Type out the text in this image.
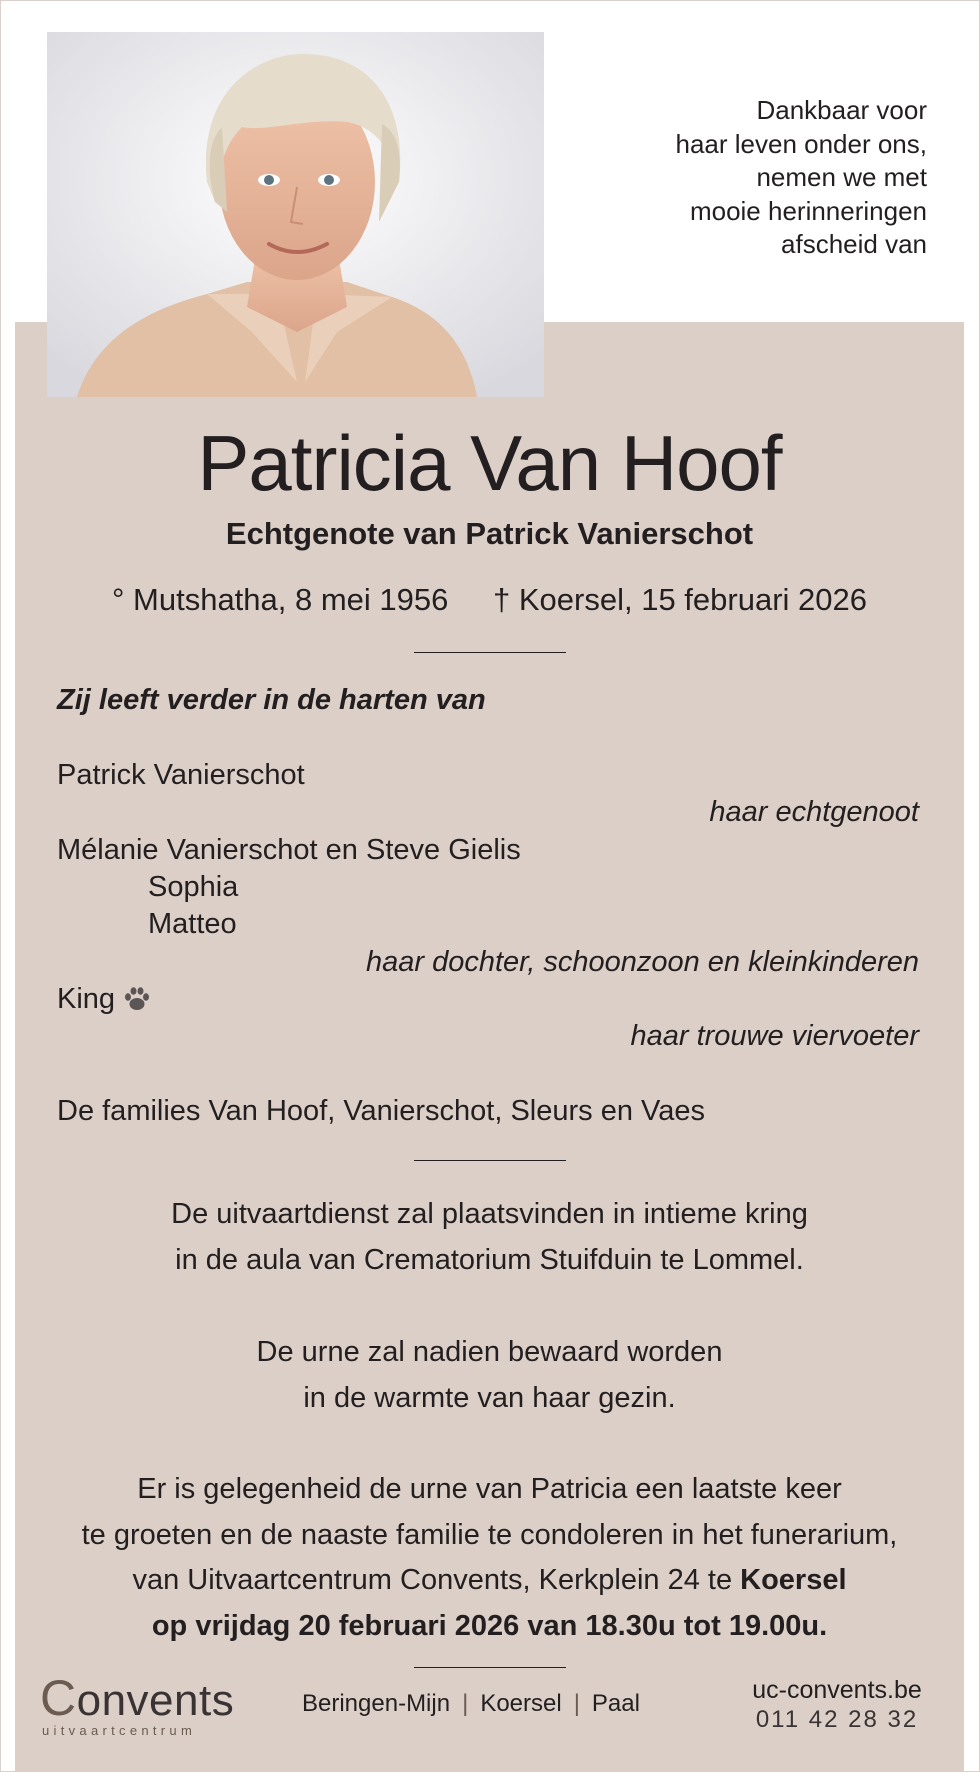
Dankbaar voor
haar leven onder ons,
nemen we met
mooie herinneringen
afscheid van
Patricia Van Hoof
Echtgenote van Patrick Vanierschot
° Mutshatha, 8 mei 1956 † Koersel, 15 februari 2026
Zij leeft verder in de harten van
Patrick Vanierschot
haar echtgenoot
Mélanie Vanierschot en Steve Gielis
Sophia
Matteo
haar dochter, schoonzoon en kleinkinderen
King
haar trouwe viervoeter
De families Van Hoof, Vanierschot, Sleurs en Vaes
De uitvaartdienst zal plaatsvinden in intieme kring
in de aula van Crematorium Stuifduin te Lommel.
De urne zal nadien bewaard worden
in de warmte van haar gezin.
Er is gelegenheid de urne van Patricia een laatste keer
te groeten en de naaste familie te condoleren in het funerarium,
van Uitvaartcentrum Convents, Kerkplein 24 te Koersel
op vrijdag 20 februari 2026 van 18.30u tot 19.00u.
Convents
uitvaartcentrum
Beringen-Mijn | Koersel | Paal	uc-convents.be
011 42 28 32
